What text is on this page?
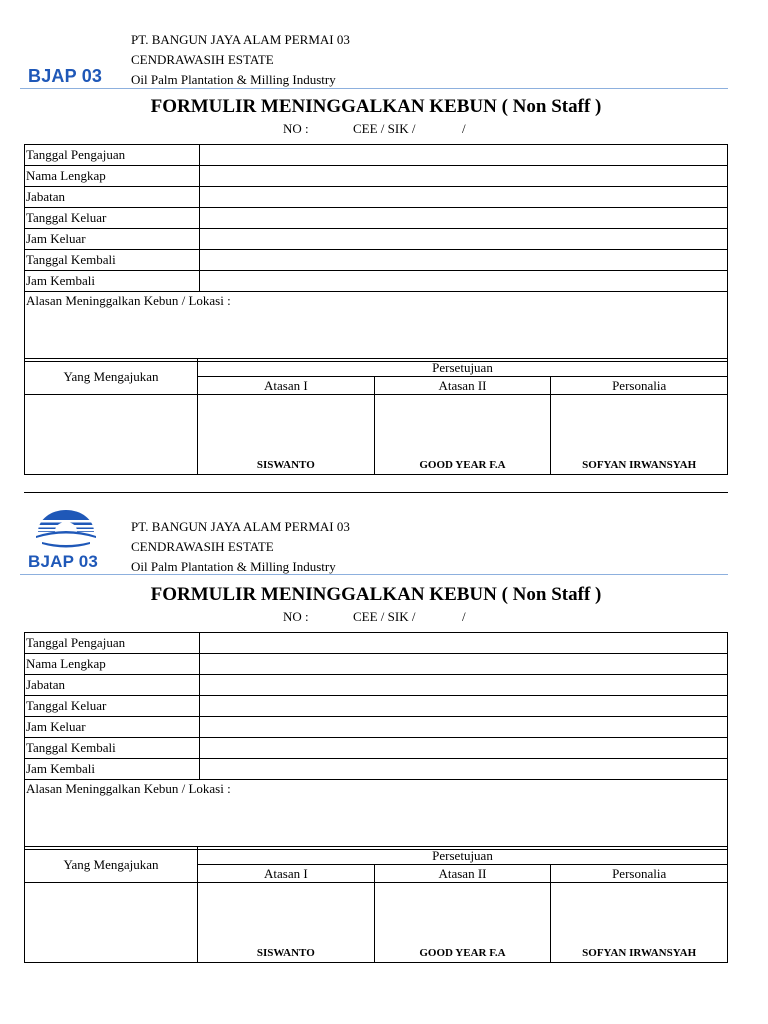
BJAP 03
PT. BANGUN JAYA ALAM PERMAI 03
CENDRAWASIH ESTATE
Oil Palm Plantation & Milling Industry
FORMULIR MENINGGALKAN KEBUN ( Non Staff )
NO :	CEE / SIK /	/
Tanggal Pengajuan	
Nama Lengkap	
Jabatan	
Tanggal Keluar	
Jam Keluar	
Tanggal Kembali	
Jam Kembali	
Alasan Meninggalkan Kebun / Lokasi :	
Yang Mengajukan	Persetujuan		
	Atasan I	Atasan II	Personalia
	SISWANTO	GOOD YEAR F.A	SOFYAN IRWANSYAH
BJAP 03
PT. BANGUN JAYA ALAM PERMAI 03
CENDRAWASIH ESTATE
Oil Palm Plantation & Milling Industry
FORMULIR MENINGGALKAN KEBUN ( Non Staff )
NO :	CEE / SIK /	/
Tanggal Pengajuan	
Nama Lengkap	
Jabatan	
Tanggal Keluar	
Jam Keluar	
Tanggal Kembali	
Jam Kembali	
Alasan Meninggalkan Kebun / Lokasi :	
Yang Mengajukan	Persetujuan		
	Atasan I	Atasan II	Personalia
	SISWANTO	GOOD YEAR F.A	SOFYAN IRWANSYAH
